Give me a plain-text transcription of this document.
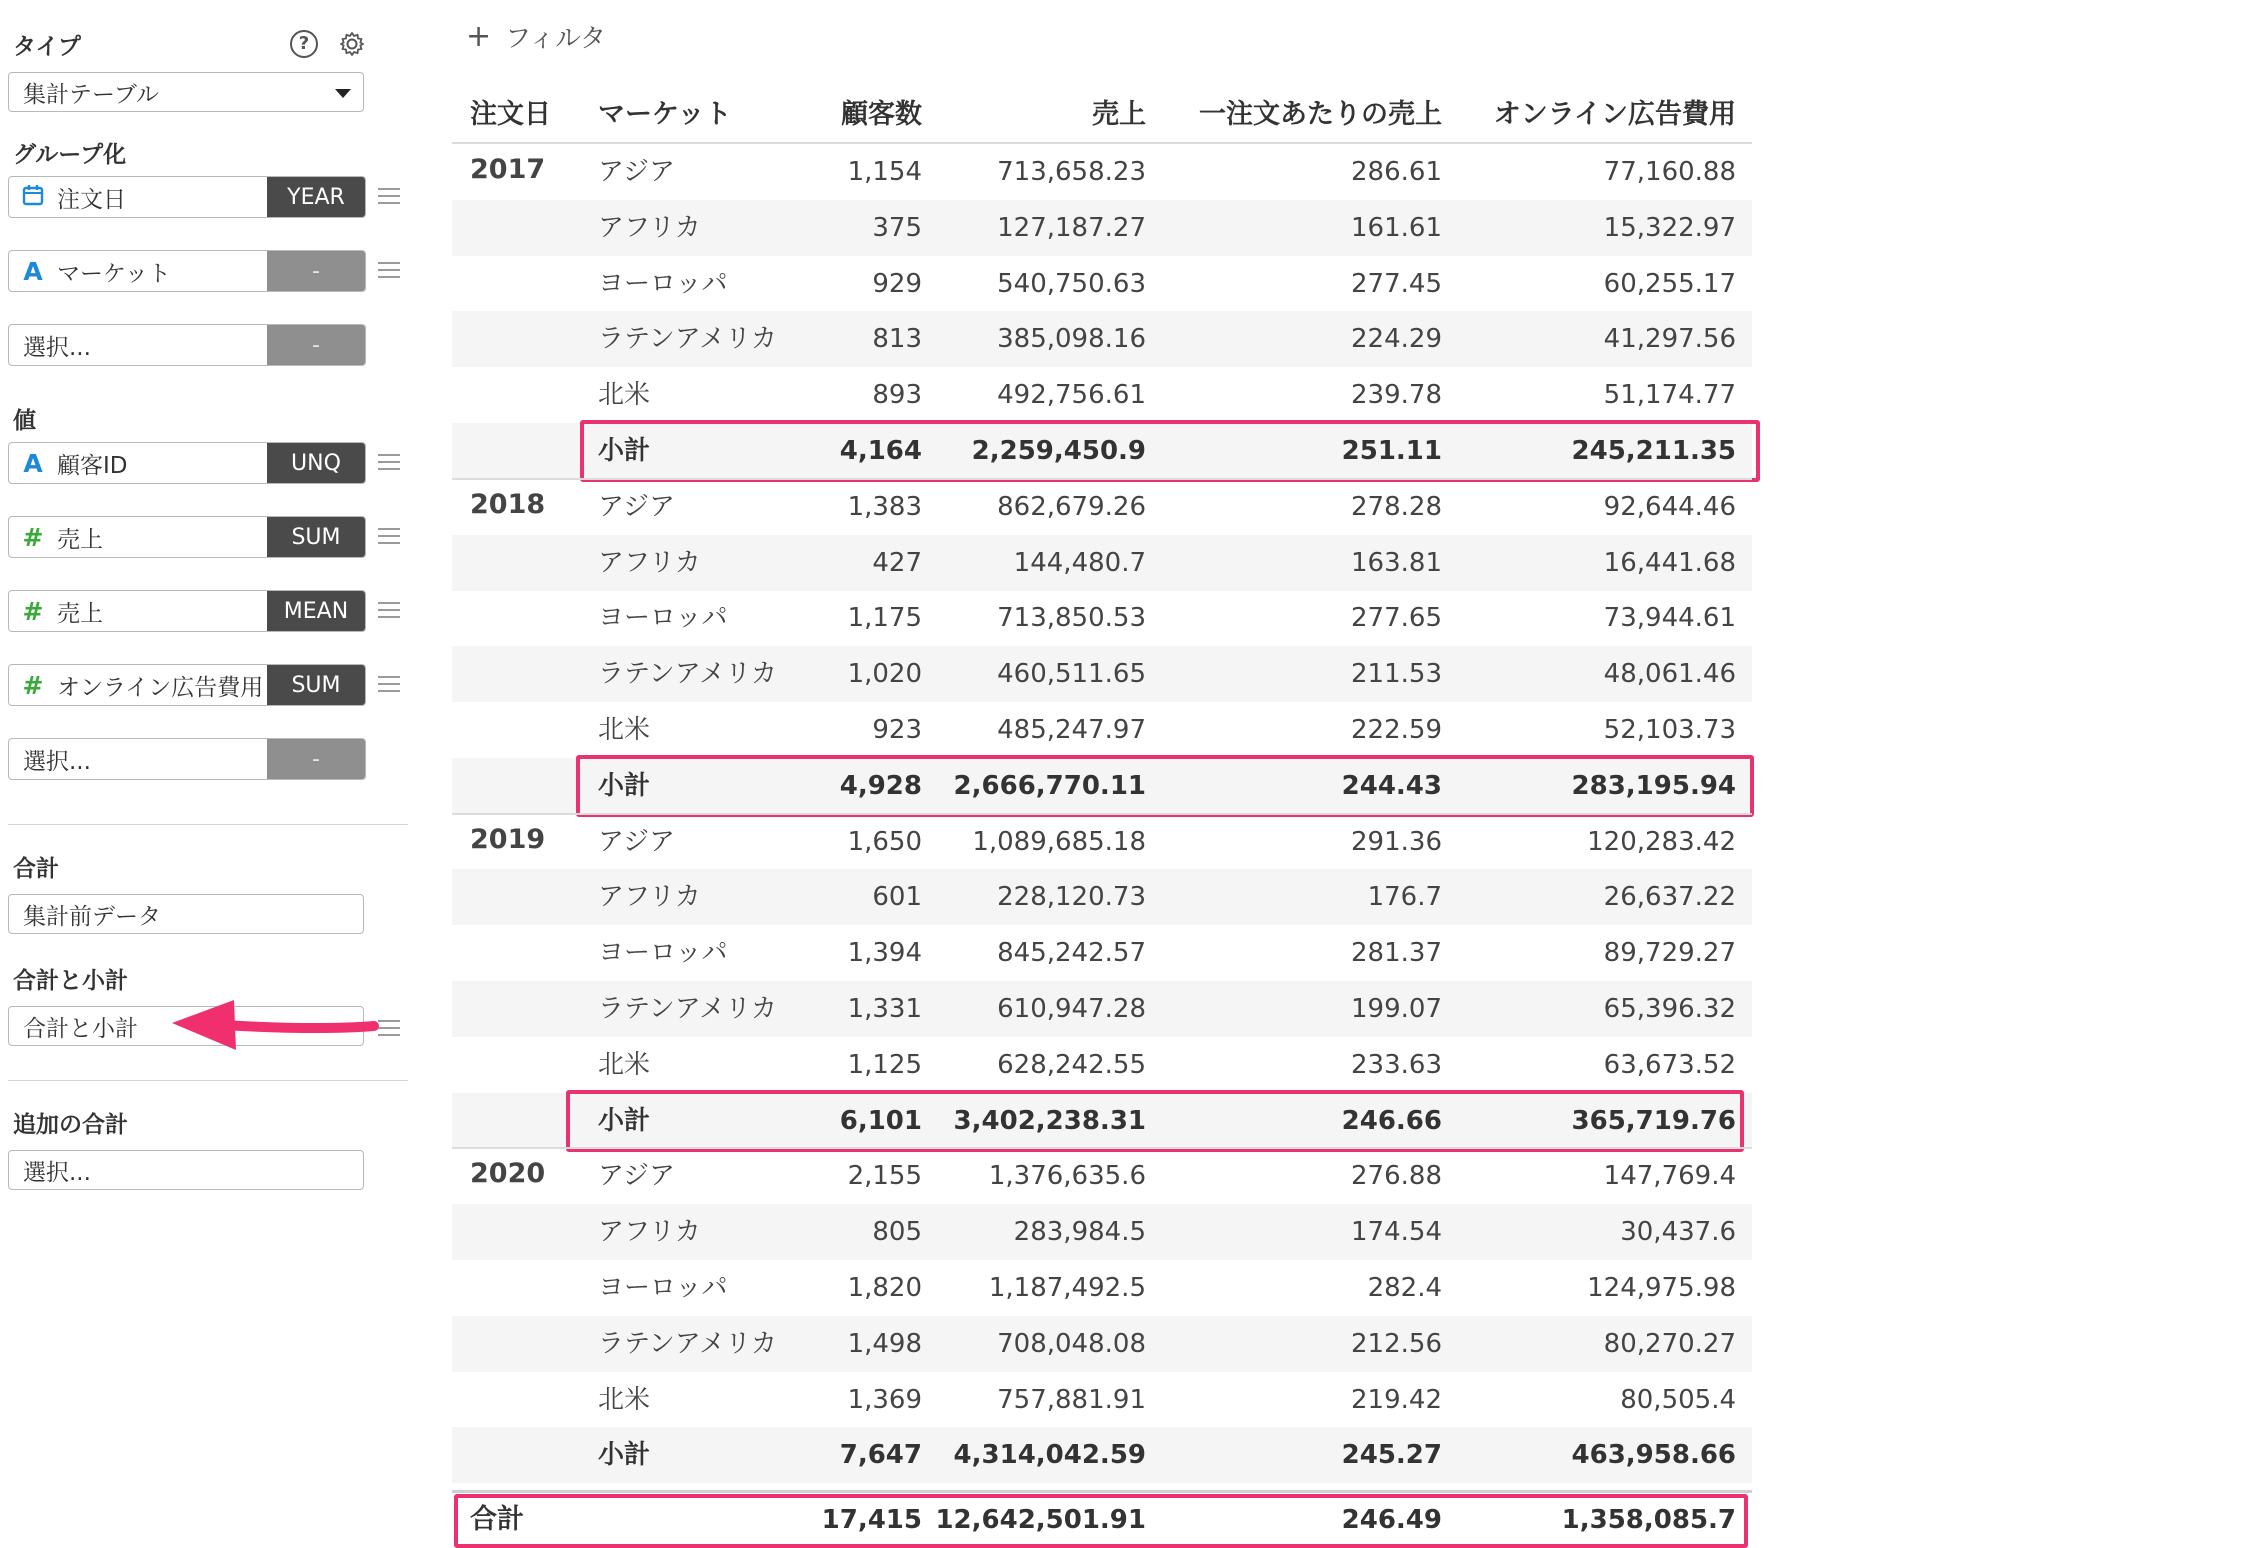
タイプ	?
集計テーブル
グループ化
注文日	YEAR
A マーケット	-
選択...	-
値
A 顧客ID	UNQ
# 売上	SUM
# 売上	MEAN
# オンライン広告費用	SUM
選択...	-
合計
集計前データ
合計と小計
合計と小計
追加の合計
選択...
+ フィルタ
注文日 マーケット	顧客数	売上	一注文あたりの売上	オンライン広告費用
2017 アジア	1,154	713,658.23	286.61	77,160.88
アフリカ	375	127,187.27	161.61	15,322.97
ヨーロッパ	929	540,750.63	277.45	60,255.17
ラテンアメリカ	813	385,098.16	224.29	41,297.56
北米	893	492,756.61	239.78	51,174.77
小計	4,164	2,259,450.9	251.11	245,211.35
2018 アジア	1,383	862,679.26	278.28	92,644.46
アフリカ	427	144,480.7	163.81	16,441.68
ヨーロッパ	1,175	713,850.53	277.65	73,944.61
ラテンアメリカ	1,020	460,511.65	211.53	48,061.46
北米	923	485,247.97	222.59	52,103.73
小計	4,928	2,666,770.11	244.43	283,195.94
2019 アジア	1,650	1,089,685.18	291.36	120,283.42
アフリカ	601	228,120.73	176.7	26,637.22
ヨーロッパ	1,394	845,242.57	281.37	89,729.27
ラテンアメリカ	1,331	610,947.28	199.07	65,396.32
北米	1,125	628,242.55	233.63	63,673.52
小計	6,101	3,402,238.31	246.66	365,719.76
2020 アジア	2,155	1,376,635.6	276.88	147,769.4
アフリカ	805	283,984.5	174.54	30,437.6
ヨーロッパ	1,820	1,187,492.5	282.4	124,975.98
ラテンアメリカ	1,498	708,048.08	212.56	80,270.27
北米	1,369	757,881.91	219.42	80,505.4
小計	7,647	4,314,042.59	245.27	463,958.66
合計	17,415 12,642,501.91	246.49	1,358,085.7
